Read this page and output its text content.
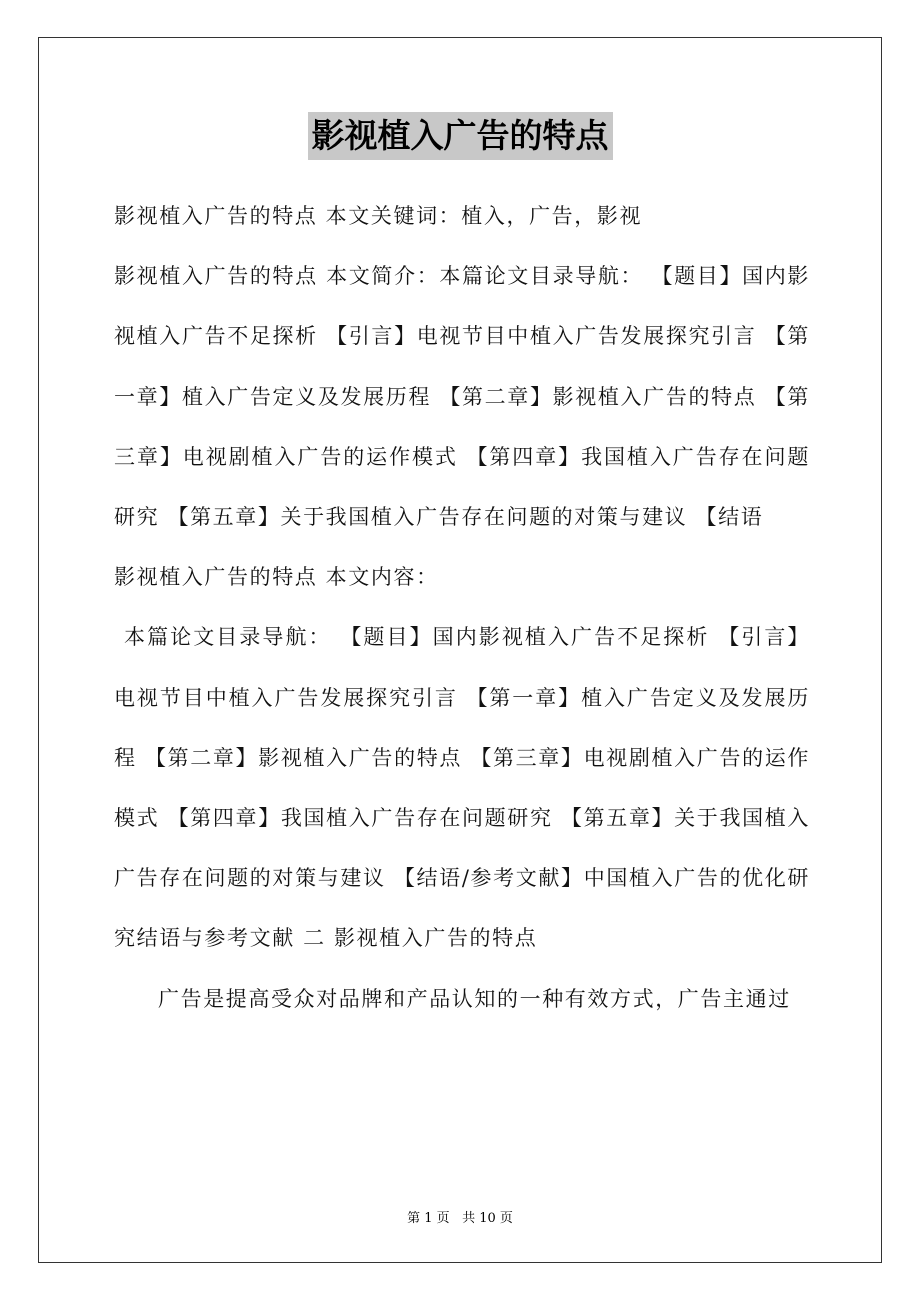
影视植入广告的特点

影视植入广告的特点 本文关键词：植入，广告，影视

影视植入广告的特点 本文简介：本篇论文目录导航： 【题目】国内影视植入广告不足探析 【引言】电视节目中植入广告发展探究引言 【第一章】植入广告定义及发展历程 【第二章】影视植入广告的特点 【第三章】电视剧植入广告的运作模式 【第四章】我国植入广告存在问题研究 【第五章】关于我国植入广告存在问题的对策与建议 【结语

影视植入广告的特点 本文内容：

本篇论文目录导航： 【题目】国内影视植入广告不足探析 【引言】电视节目中植入广告发展探究引言 【第一章】植入广告定义及发展历程 【第二章】影视植入广告的特点 【第三章】电视剧植入广告的运作模式 【第四章】我国植入广告存在问题研究 【第五章】关于我国植入广告存在问题的对策与建议 【结语/参考文献】中国植入广告的优化研究结语与参考文献 二 影视植入广告的特点

广告是提高受众对品牌和产品认知的一种有效方式，广告主通过

第 1 页 共 10 页
